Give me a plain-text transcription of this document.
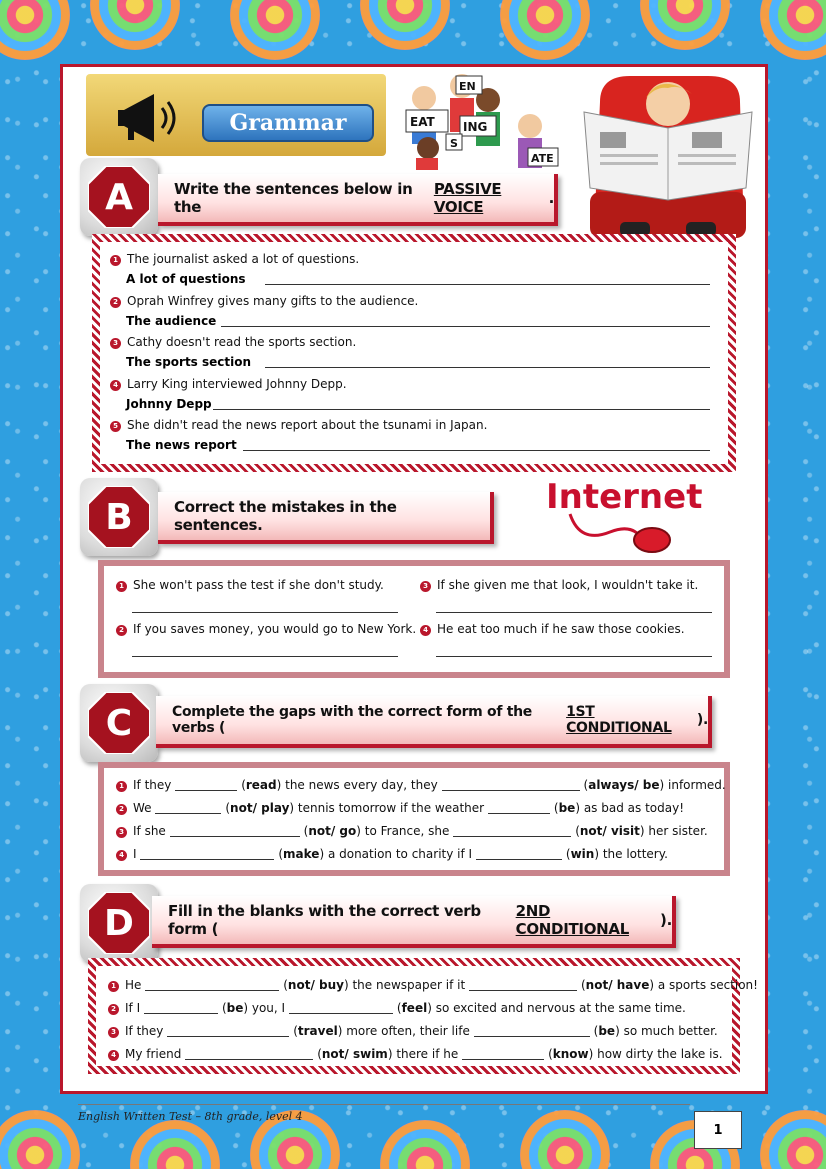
Grammar	EAT
EN
ING
S
ATE
A	Write the sentences below in the
PASSIVE VOICE	.
1 The journalist asked a lot of questions.
A lot of questions
2 Oprah Winfrey gives many gifts to the audience.
The audience
3 Cathy doesn't read the sports section.
The sports section
4 Larry King interviewed Johnny Depp.
Johnny Depp
5 She didn't read the news report about the tsunami in Japan.
The news report
B	Correct the mistakes in the sentences.
Internet
1 She won't pass the test if she don't study.
2 If you saves money, you would go to New York.
3 If she given me that look, I wouldn't take it.
4 He eat too much if he saw those cookies.
C	Complete the gaps with the correct form of the verbs (
1ST CONDITIONAL	).
1 If they	(read) the news every day, they	(always/ be) informed.
2 We	(not/ play) tennis tomorrow if the weather	(be) as bad as today!
3 If she	(not/ go) to France, she	(not/ visit) her sister.
4 I	(make) a donation to charity if I	(win) the lottery.
D	Fill in the blanks with the correct verb form (
2ND CONDITIONAL	).
1 He	(not/ buy) the newspaper if it	(not/ have) a sports section!
2 If I	(be) you, I	(feel) so excited and nervous at the same time.
3 If they	(travel) more often, their life	(be) so much better.
4 My friend	(not/ swim) there if he	(know) how dirty the lake is.
English Written Test – 8th grade, level 4
1
